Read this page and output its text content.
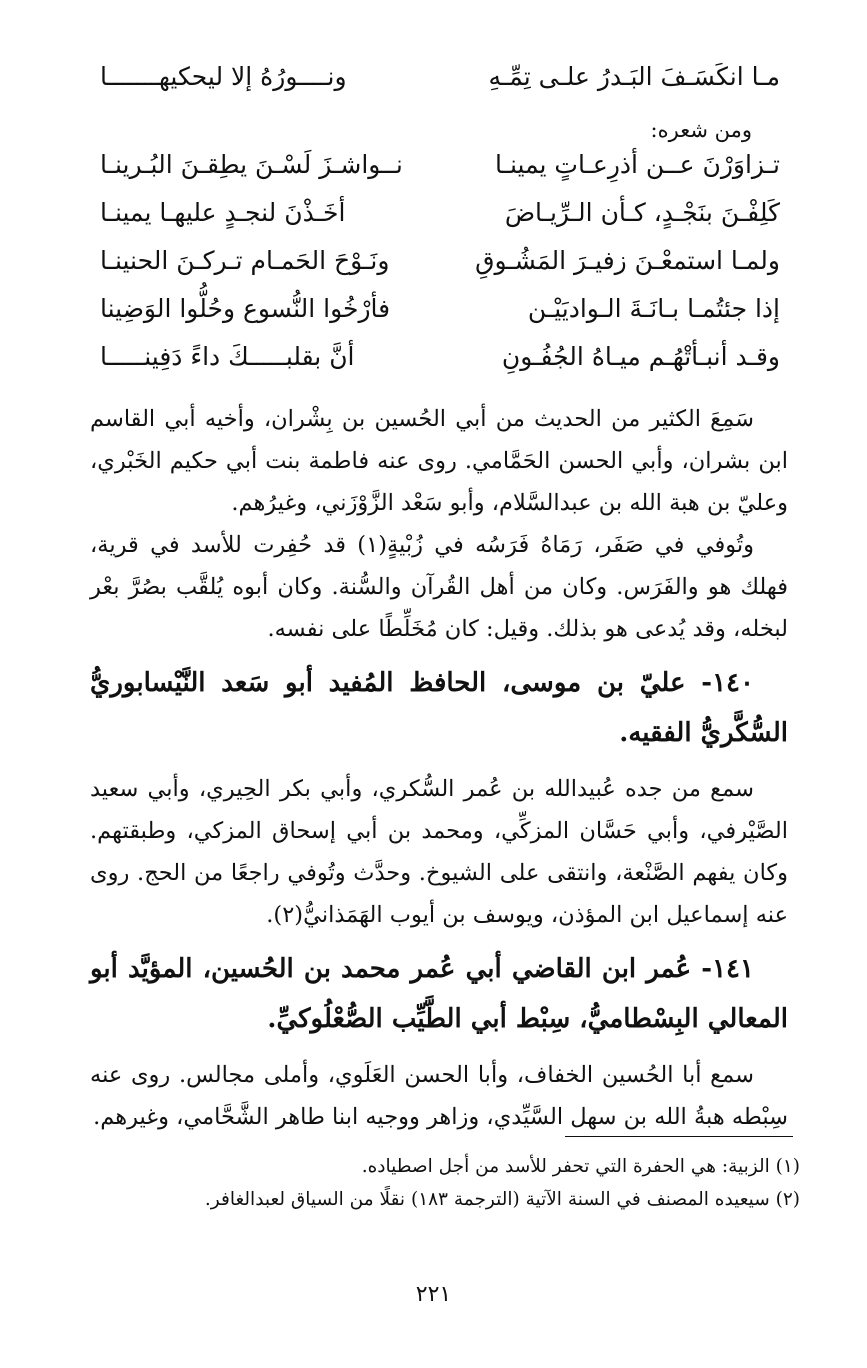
مـا انكَسَـفَ البَـدرُ علـى تِمِّـهِ
ونــــورُهُ إلا ليحكيهـــــــا
ومن شعره:
تـزاوَرْنَ عــن أذرِعـاتٍ يمينـا
نــواشـزَ لَسْـنَ يطِقـنَ البُـرينـا
كَلِفْـنَ بنَجْـدٍ، كـأن الـرِّيـاضَ
أخَـذْنَ لنجـدٍ عليهـا يمينـا
ولمـا استمعْـنَ زفيـرَ المَشُـوقِ
ونَـوْحَ الحَمـام تـركـنَ الحنينـا
إذا جئتُمـا بـانَـةَ الـواديَيْـن
فأرْخُوا النُّسوع وحُلُّوا الوَضِينا
وقـد أنبـأتْهُـم ميـاهُ الجُفُـونِ
أنَّ بقلبـــــكَ داءً دَفِينـــــا

سَمِعَ الكثير من الحديث من أبي الحُسين بن بِشْران، وأخيه أبي القاسم ابن بشران، وأبي الحسن الحَمَّامي. روى عنه فاطمة بنت أبي حكيم الخَبْري، وعليّ بن هبة الله بن عبدالسَّلام، وأبو سَعْد الزَّوْزَني، وغيرُهم.

وتُوفي في صَفَر، رَمَاهُ فَرَسُه في زُبْيةٍ(١) قد حُفِرت للأسد في قرية، فهلك هو والفَرَس. وكان من أهل القُرآن والسُّنة. وكان أبوه يُلقَّب بصُرَّ بعْر لبخله، وقد يُدعى هو بذلك. وقيل: كان مُخَلِّطًا على نفسه.

١٤٠- عليّ بن موسى، الحافظ المُفيد أبو سَعد النَّيْسابوريُّ السُّكَّريُّ الفقيه.

سمع من جده عُبيدالله بن عُمر السُّكري، وأبي بكر الحِيري، وأبي سعيد الصَّيْرفي، وأبي حَسَّان المزكِّي، ومحمد بن أبي إسحاق المزكي، وطبقتهم. وكان يفهم الصَّنْعة، وانتقى على الشيوخ. وحدَّث وتُوفي راجعًا من الحج. روى عنه إسماعيل ابن المؤذن، ويوسف بن أيوب الهَمَذانيُّ(٢).

١٤١- عُمر ابن القاضي أبي عُمر محمد بن الحُسين، المؤيَّد أبو المعالي البِسْطاميُّ، سِبْط أبي الطَّيِّب الصُّعْلُوكيِّ.

سمع أبا الحُسين الخفاف، وأبا الحسن العَلَوي، وأملى مجالس. روى عنه سِبْطه هبةُ الله بن سهل السَّيِّدي، وزاهر ووجيه ابنا طاهر الشَّحَّامي، وغيرهم.

(١) الزبية: هي الحفرة التي تحفر للأسد من أجل اصطياده.
(٢) سيعيده المصنف في السنة الآتية (الترجمة ١٨٣) نقلًا من السياق لعبدالغافر.
٢٢١
